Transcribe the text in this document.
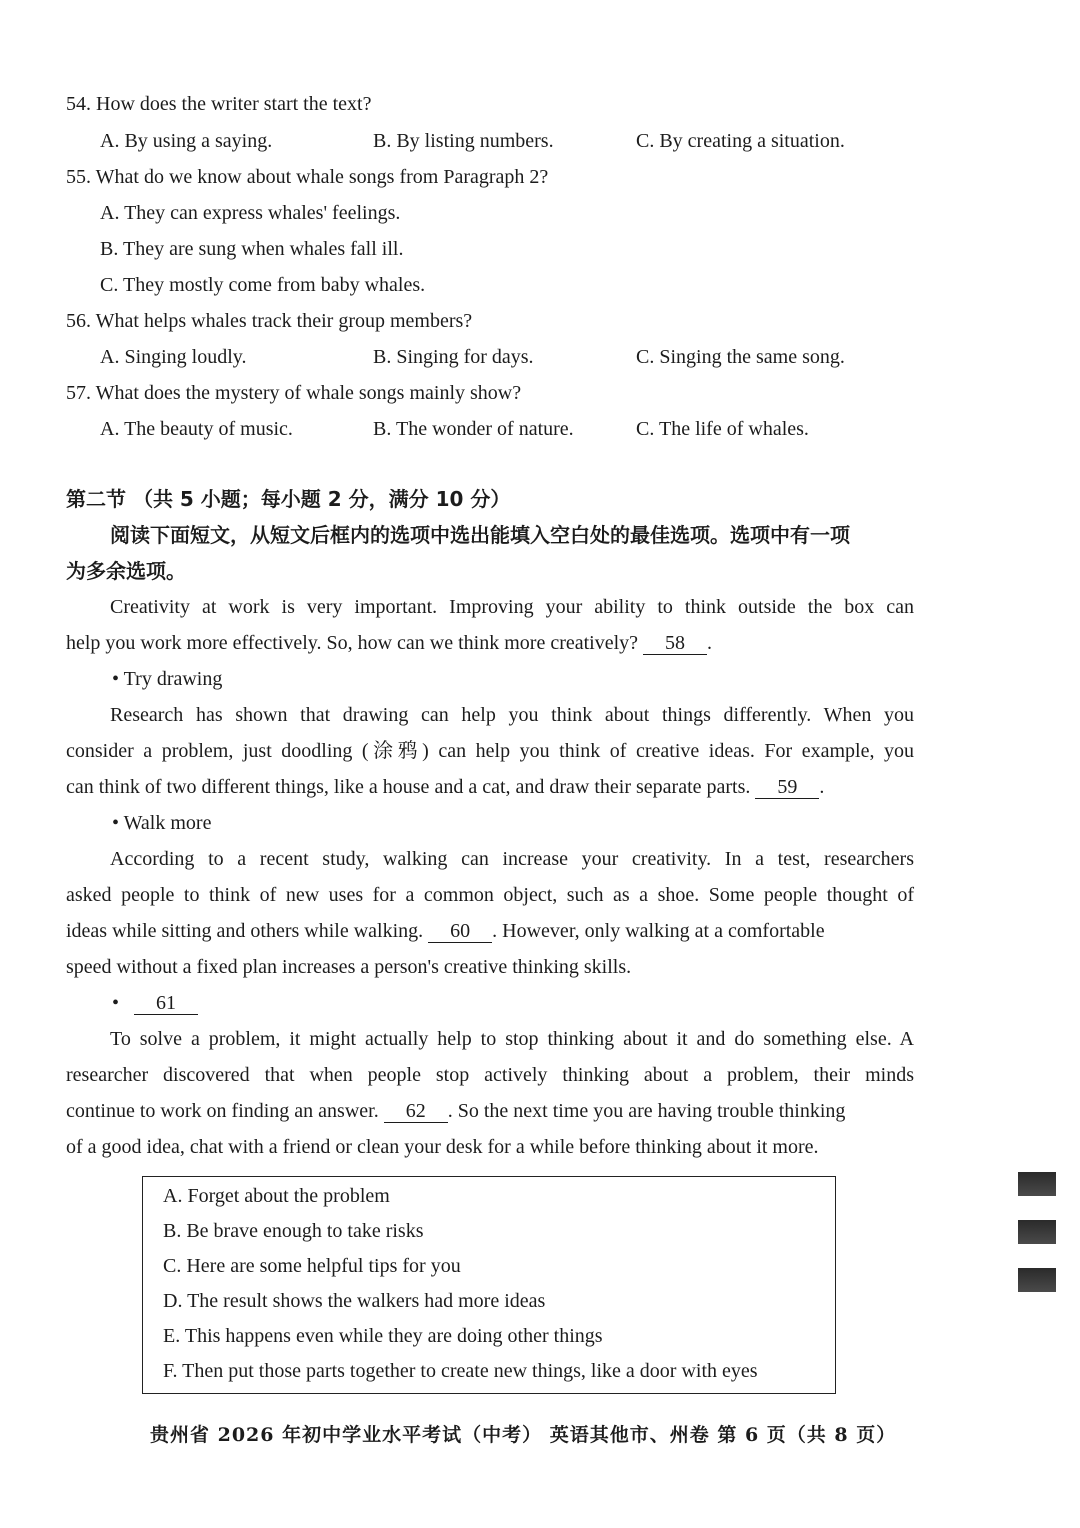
54. How does the writer start the text?
A. By using a saying.	B. By listing numbers.	C. By creating a situation.
55. What do we know about whale songs from Paragraph 2?
A. They can express whales' feelings.
B. They are sung when whales fall ill.
C. They mostly come from baby whales.
56. What helps whales track their group members?
A. Singing loudly.	B. Singing for days.	C. Singing the same song.
57. What does the mystery of whale songs mainly show?
A. The beauty of music.	B. The wonder of nature.	C. The life of whales.
第二节 （共 5 小题；每小题 2 分，满分 10 分）
阅读下面短文，从短文后框内的选项中选出能填入空白处的最佳选项。选项中有一项
为多余选项。
Creativity at work is very important. Improving your ability to think outside the box can
help you work more effectively. So, how can we think more creatively? 58 .
• Try drawing
Research has shown that drawing can help you think about things differently. When you
consider a problem, just doodling (涂鸦) can help you think of creative ideas. For example, you
can think of two different things, like a house and a cat, and draw their separate parts. 59 .
• Walk more
According to a recent study, walking can increase your creativity. In a test, researchers
asked people to think of new uses for a common object, such as a shoe. Some people thought of
ideas while sitting and others while walking. 60 . However, only walking at a comfortable
speed without a fixed plan increases a person's creative thinking skills.
• 61
To solve a problem, it might actually help to stop thinking about it and do something else. A
researcher discovered that when people stop actively thinking about a problem, their minds
continue to work on finding an answer. 62 . So the next time you are having trouble thinking
of a good idea, chat with a friend or clean your desk for a while before thinking about it more.
A. Forget about the problem
B. Be brave enough to take risks
C. Here are some helpful tips for you
D. The result shows the walkers had more ideas
E. This happens even while they are doing other things
F. Then put those parts together to create new things, like a door with eyes
贵州省 2026 年初中学业水平考试（中考） 英语其他市、州卷 第 6 页（共 8 页）
